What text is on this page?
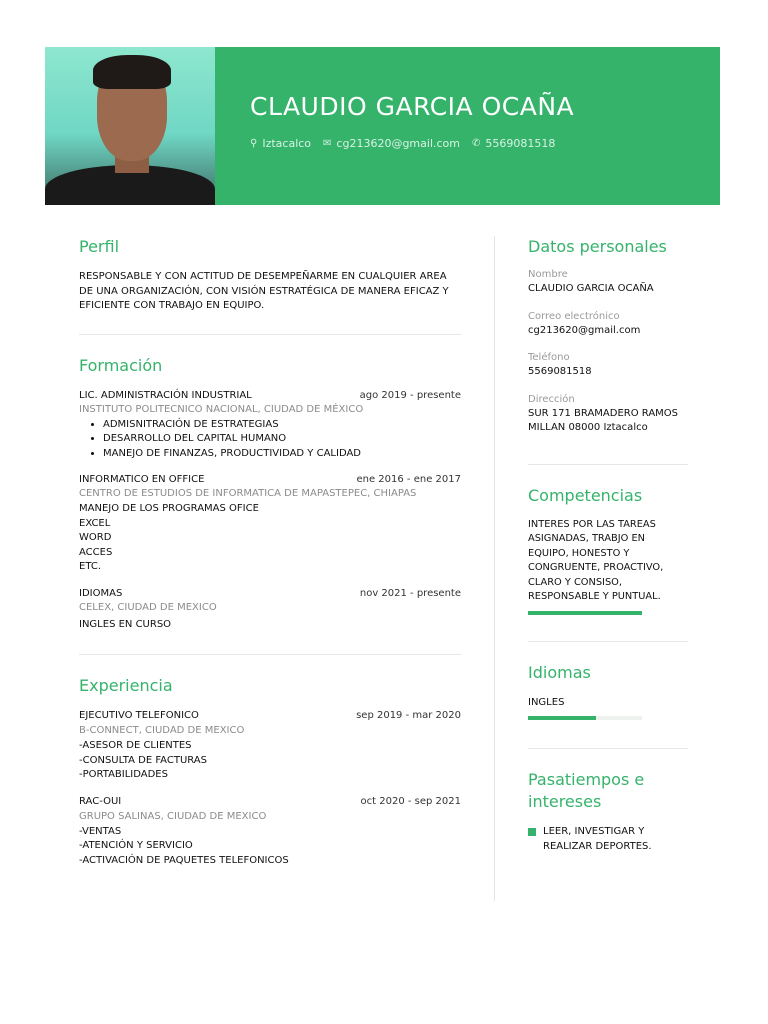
CLAUDIO GARCIA OCAÑA
⚲ Iztacalco ✉ cg213620@gmail.com ✆ 5569081518
Perfil

RESPONSABLE Y CON ACTITUD DE DESEMPEÑARME EN CUALQUIER AREA DE UNA ORGANIZACIÓN, CON VISIÓN ESTRATÉGICA DE MANERA EFICAZ Y EFICIENTE CON TRABAJO EN EQUIPO.

Formación
LIC. ADMINISTRACIÓN INDUSTRIAL	ago 2019 - presente

INSTITUTO POLITECNICO NACIONAL, CIUDAD DE MÉXICO

• ADMISNITRACIÓN DE ESTRATEGIAS
• DESARROLLO DEL CAPITAL HUMANO
• MANEJO DE FINANZAS, PRODUCTIVIDAD Y CALIDAD
INFORMATICO EN OFFICE	ene 2016 - ene 2017

CENTRO DE ESTUDIOS DE INFORMATICA DE MAPASTEPEC, CHIAPAS

MANEJO DE LOS PROGRAMAS OFICE

EXCEL

WORD

ACCES

ETC.

IDIOMAS	nov 2021 - presente

CELEX, CIUDAD DE MEXICO

INGLES EN CURSO

Experiencia
EJECUTIVO TELEFONICO	sep 2019 - mar 2020

B-CONNECT, CIUDAD DE MEXICO

-ASESOR DE CLIENTES

-CONSULTA DE FACTURAS

-PORTABILIDADES

RAC-OUI	oct 2020 - sep 2021

GRUPO SALINAS, CIUDAD DE MEXICO

-VENTAS

-ATENCIÓN Y SERVICIO

-ACTIVACIÓN DE PAQUETES TELEFONICOS

Datos personales

Nombre

CLAUDIO GARCIA OCAÑA

Correo electrónico

cg213620@gmail.com

Teléfono

5569081518

Dirección

SUR 171 BRAMADERO RAMOS MILLAN 08000 Iztacalco

Competencias

INTERES POR LAS TAREAS ASIGNADAS, TRABJO EN EQUIPO, HONESTO Y CONGRUENTE, PROACTIVO, CLARO Y CONSISO, RESPONSABLE Y PUNTUAL.

Idiomas

INGLES

Pasatiempos e intereses
LEER, INVESTIGAR Y REALIZAR DEPORTES.
